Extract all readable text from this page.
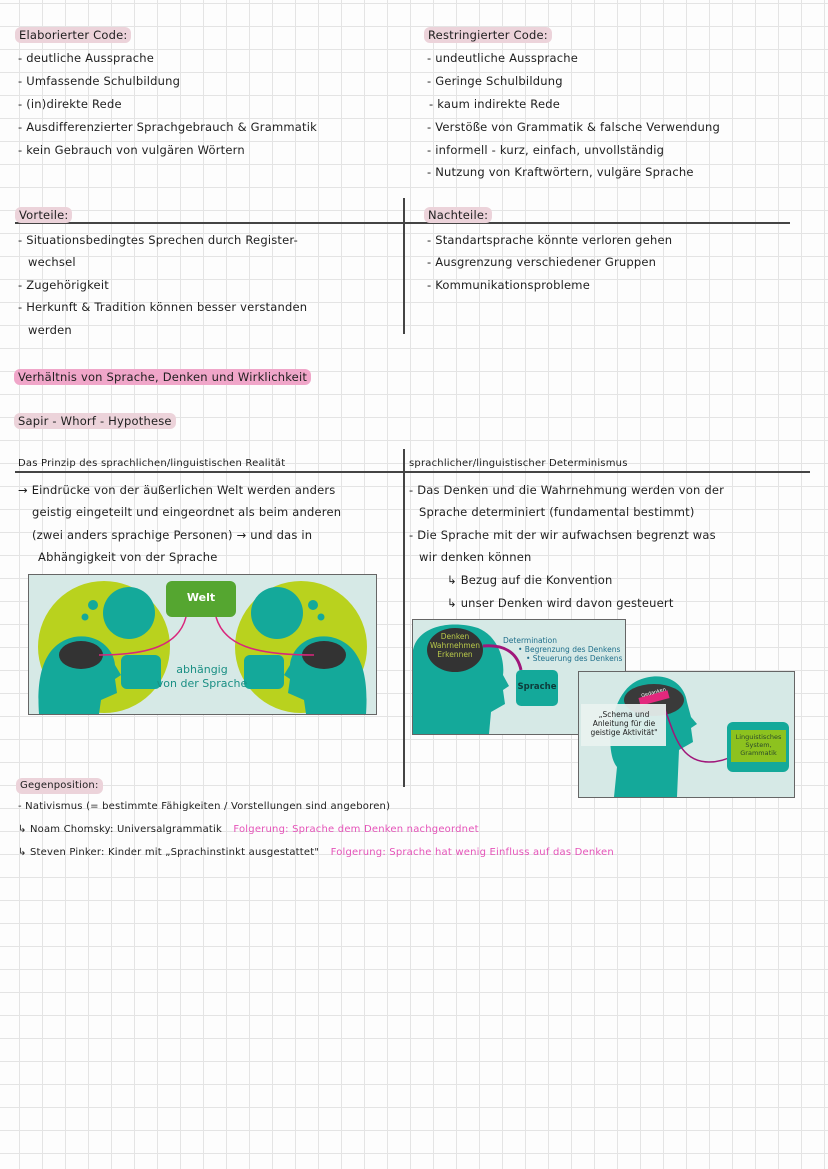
Elaborierter Code:
- deutliche Aussprache
- Umfassende Schulbildung
- (in)direkte Rede
- Ausdifferenzierter Sprachgebrauch & Grammatik
- kein Gebrauch von vulgären Wörtern
Restringierter Code:
- undeutliche Aussprache
- Geringe Schulbildung
- kaum indirekte Rede
- Verstöße von Grammatik & falsche Verwendung
- informell - kurz, einfach, unvollständig
- Nutzung von Kraftwörtern, vulgäre Sprache
Vorteile:
- Situationsbedingtes Sprechen durch Register-
wechsel
- Zugehörigkeit
- Herkunft & Tradition können besser verstanden
werden
Nachteile:
- Standartsprache könnte verloren gehen
- Ausgrenzung verschiedener Gruppen
- Kommunikationsprobleme
Verhältnis von Sprache, Denken und Wirklichkeit
Sapir - Whorf - Hypothese
Das Prinzip des sprachlichen/linguistischen Realität
→ Eindrücke von der äußerlichen Welt werden anders
geistig eingeteilt und eingeordnet als beim anderen
(zwei anders sprachige Personen) → und das in
Abhängigkeit von der Sprache
Welt
abhängig
von der Sprache
sprachlicher/linguistischer Determinismus
- Das Denken und die Wahrnehmung werden von der
Sprache determiniert (fundamental bestimmt)
- Die Sprache mit der wir aufwachsen begrenzt was
wir denken können
↳ Bezug auf die Konvention
↳ unser Denken wird davon gesteuert
Denken
Wahrnehmen
Erkennen
Determination
• Begrenzung des Denkens
• Steuerung des Denkens
Sprache	Gedanken
„Schema und
Anleitung für die
geistige Aktivität"	Linguistisches
System,
Grammatik
Gegenposition:
- Nativismus (= bestimmte Fähigkeiten / Vorstellungen sind angeboren)
↳ Noam Chomsky: Universalgrammatik Folgerung: Sprache dem Denken nachgeordnet
↳ Steven Pinker: Kinder mit „Sprachinstinkt ausgestattet" Folgerung: Sprache hat wenig Einfluss auf das Denken
